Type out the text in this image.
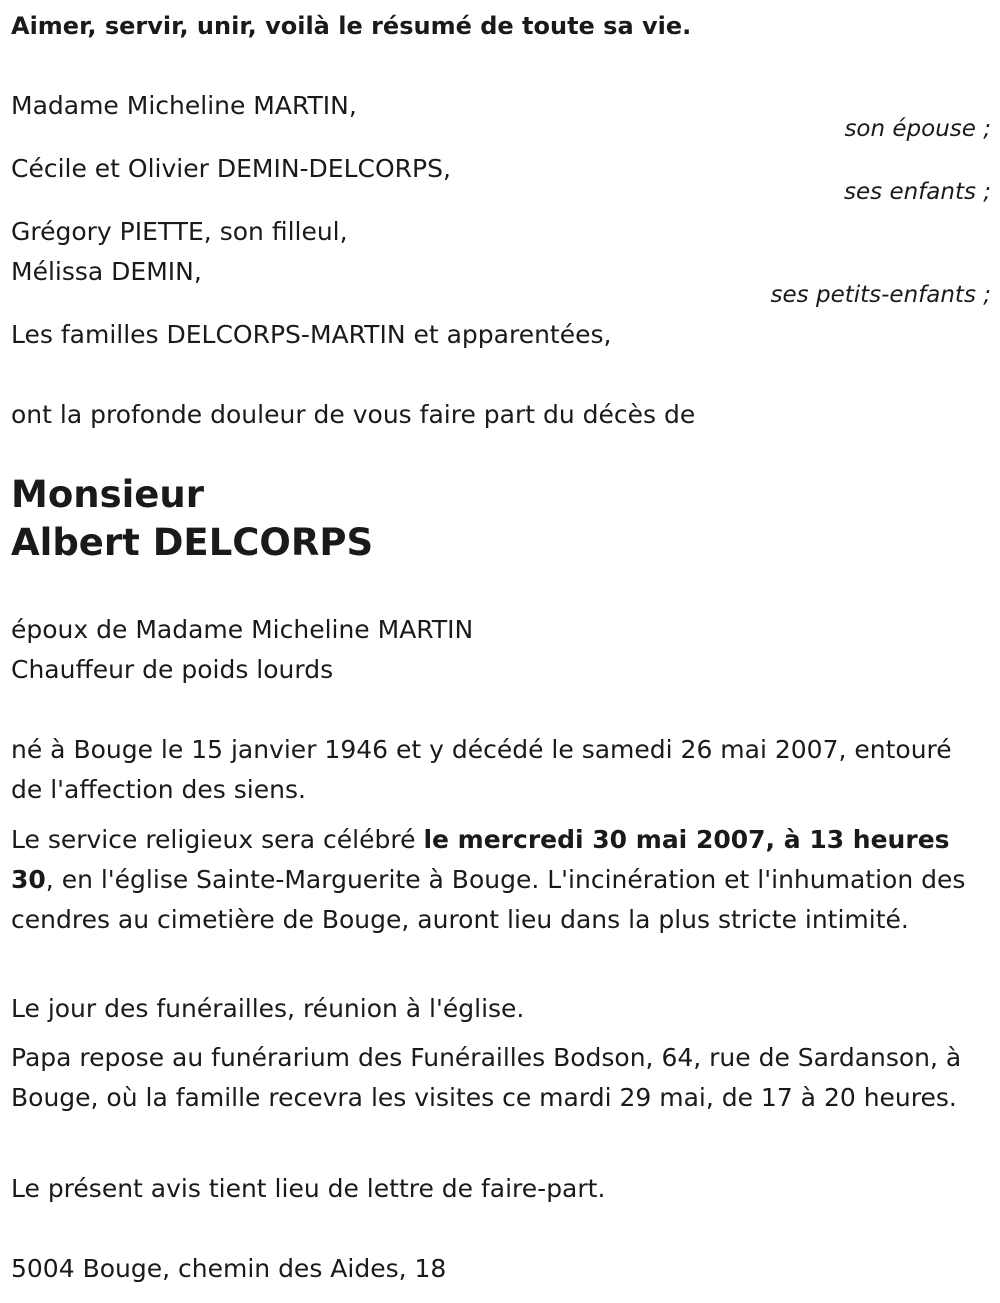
Aimer, servir, unir, voilà le résumé de toute sa vie.
Madame Micheline MARTIN,
son épouse ;
Cécile et Olivier DEMIN-DELCORPS,
ses enfants ;
Grégory PIETTE, son filleul,
Mélissa DEMIN,
ses petits-enfants ;
Les familles DELCORPS-MARTIN et apparentées,
ont la profonde douleur de vous faire part du décès de
Monsieur
Albert DELCORPS
époux de Madame Micheline MARTIN
Chauffeur de poids lourds
né à Bouge le 15 janvier 1946 et y décédé le samedi 26 mai 2007, entouré de l'affection des siens.
Le service religieux sera célébré le mercredi 30 mai 2007, à 13 heures 30, en l'église Sainte-Marguerite à Bouge. L'incinération et l'inhumation des cendres au cimetière de Bouge, auront lieu dans la plus stricte intimité.
Le jour des funérailles, réunion à l'église.
Papa repose au funérarium des Funérailles Bodson, 64, rue de Sardanson, à Bouge, où la famille recevra les visites ce mardi 29 mai, de 17 à 20 heures.
Le présent avis tient lieu de lettre de faire-part.
5004 Bouge, chemin des Aides, 18
